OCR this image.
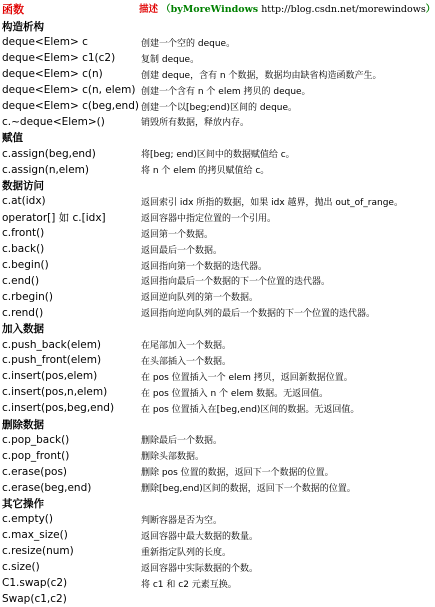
函数	描述 （byMoreWindows http://blog.csdn.net/morewindows）
构造析构
deque<Elem> c	创建一个空的 deque。
deque<Elem> c1(c2)	复制 deque。
deque<Elem> c(n)	创建 deque，含有 n 个数据，数据均由缺省构造函数产生。
deque<Elem> c(n, elem) 创建一个含有 n 个 elem 拷贝的 deque。
deque<Elem> c(beg,end) 创建一个以[beg;end)区间的 deque。
c.~deque<Elem>()	销毁所有数据，释放内存。
赋值
c.assign(beg,end)	将[beg; end)区间中的数据赋值给 c。
c.assign(n,elem)	将 n 个 elem 的拷贝赋值给 c。
数据访问
c.at(idx)	返回索引 idx 所指的数据，如果 idx 越界，抛出 out_of_range。
operator[] 如 c.[idx]	返回容器中指定位置的一个引用。
c.front()	返回第一个数据。
c.back()	返回最后一个数据。
c.begin()	返回指向第一个数据的迭代器。
c.end()	返回指向最后一个数据的下一个位置的迭代器。
c.rbegin()	返回逆向队列的第一个数据。
c.rend()	返回指向逆向队列的最后一个数据的下一个位置的迭代器。
加入数据
c.push_back(elem)	在尾部加入一个数据。
c.push_front(elem)	在头部插入一个数据。
c.insert(pos,elem)	在 pos 位置插入一个 elem 拷贝，返回新数据位置。
c.insert(pos,n,elem)	在 pos 位置插入 n 个 elem 数据。无返回值。
c.insert(pos,beg,end)	在 pos 位置插入在[beg,end)区间的数据。无返回值。
删除数据
c.pop_back()	删除最后一个数据。
c.pop_front()	删除头部数据。
c.erase(pos)	删除 pos 位置的数据，返回下一个数据的位置。
c.erase(beg,end)	删除[beg,end)区间的数据，返回下一个数据的位置。
其它操作
c.empty()	判断容器是否为空。
c.max_size()	返回容器中最大数据的数量。
c.resize(num)	重新指定队列的长度。
c.size()	返回容器中实际数据的个数。
C1.swap(c2)	将 c1 和 c2 元素互换。
Swap(c1,c2)
